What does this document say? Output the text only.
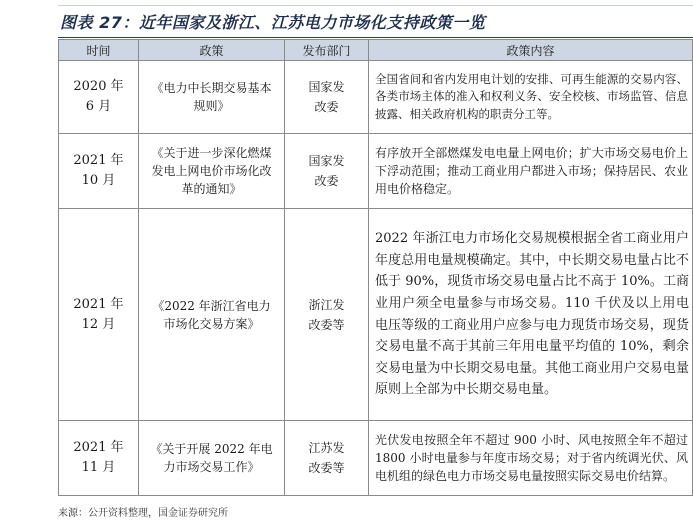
图表 27：近年国家及浙江、江苏电力市场化支持政策一览
时间	政策	发布部门	政策内容
2020 年 6 月	《电力中长期交易基本规则》	国家发改委	全国省间和省内发用电计划的安排、可再生能源的交易内容、各类市场主体的准入和权利义务、安全校核、市场监管、信息披露、相关政府机构的职责分工等。
2021 年 10 月	《关于进一步深化燃煤发电上网电价市场化改革的通知》	国家发改委	有序放开全部燃煤发电电量上网电价；扩大市场交易电价上下浮动范围；推动工商业用户都进入市场；保持居民、农业用电价格稳定。
2021 年 12 月	《2022 年浙江省电力市场化交易方案》	浙江发改委等	2022 年浙江电力市场化交易规模根据全省工商业用户年度总用电量规模确定。其中，中长期交易电量占比不低于 90%，现货市场交易电量占比不高于 10%。工商业用户须全电量参与市场交易。110 千伏及以上用电电压等级的工商业用户应参与电力现货市场交易，现货交易电量不高于其前三年用电量平均值的 10%，剩余交易电量为中长期交易电量。其他工商业用户交易电量原则上全部为中长期交易电量。
2021 年 11 月	《关于开展 2022 年电力市场交易工作》	江苏发改委等	光伏发电按照全年不超过 900 小时、风电按照全年不超过 1800 小时电量参与年度市场交易；对于省内统调光伏、风电机组的绿色电力市场交易电量按照实际交易电价结算。
来源：公开资料整理，国金证券研究所
